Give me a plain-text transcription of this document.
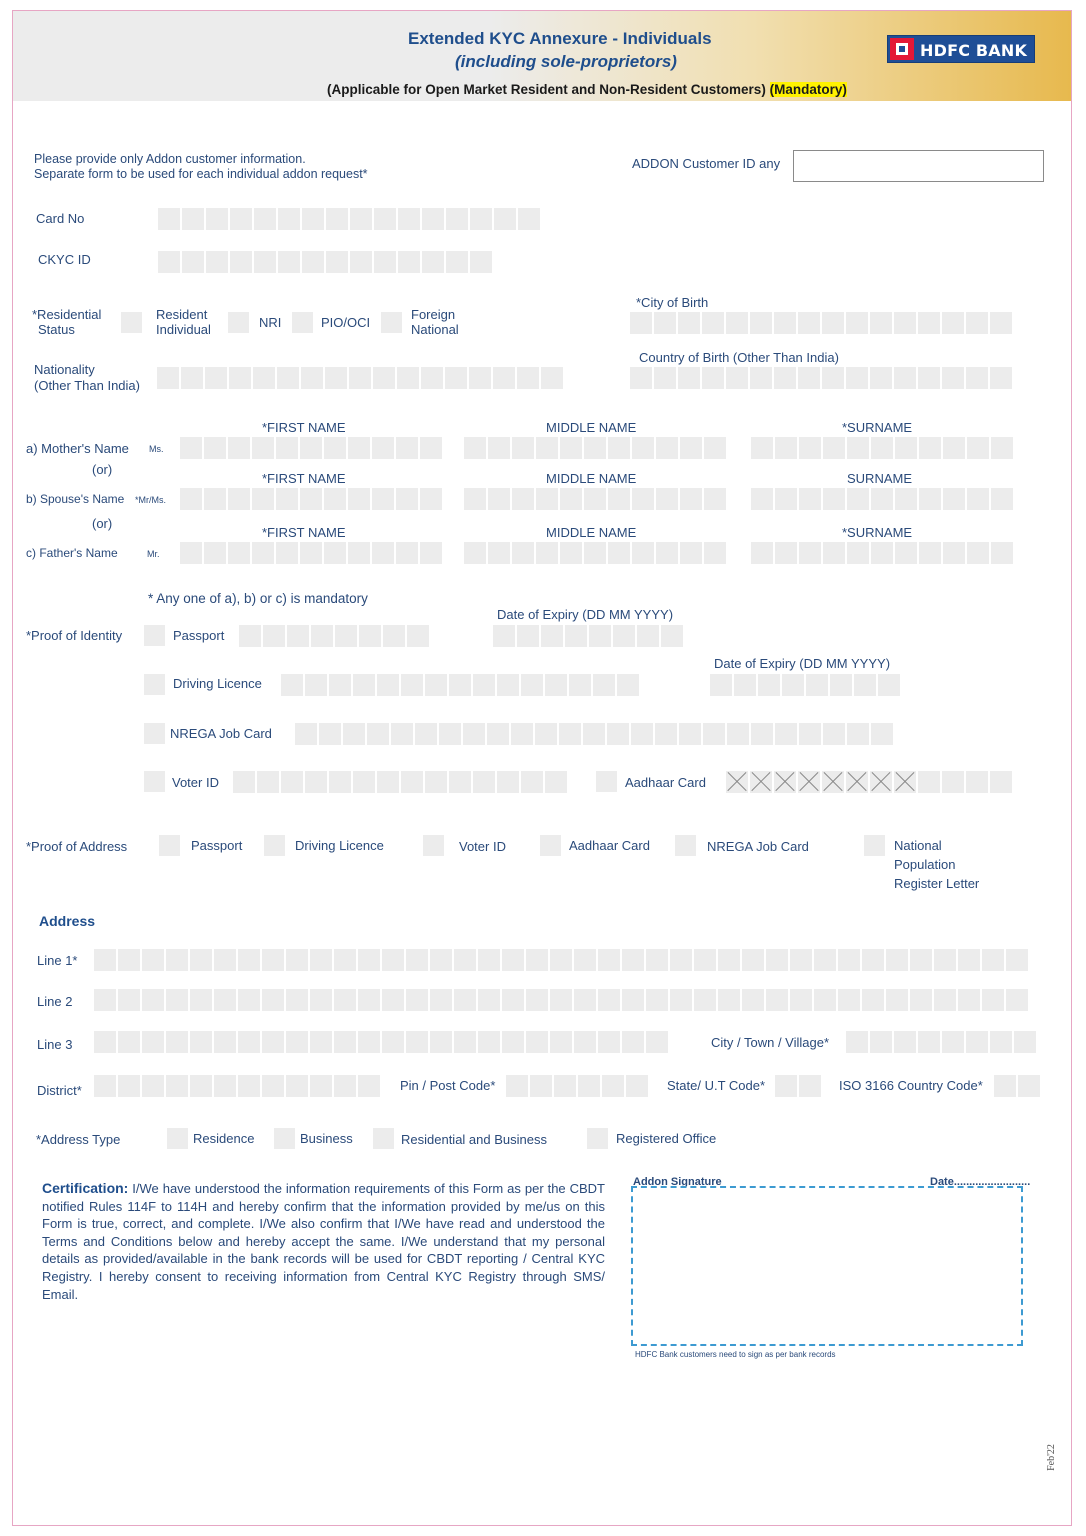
Extended KYC Annexure - Individuals
(including sole-proprietors)
(Applicable for Open Market Resident and Non-Resident Customers) (Mandatory)
HDFC BANK
Please provide only Addon customer information.
Separate form to be used for each individual addon request*
ADDON Customer ID any
Card No
CKYC ID
*Residential
Status
Resident
Individual	NRI	PIO/OCI
Foreign
National
*City of Birth
Nationality
(Other Than India)
Country of Birth (Other Than India)
*FIRST NAME	MIDDLE NAME	*SURNAME
a) Mother's Name Ms.
(or)
*FIRST NAME	MIDDLE NAME	SURNAME
b) Spouse's Name *Mr/Ms.
(or)
*FIRST NAME	MIDDLE NAME	*SURNAME
c) Father's Name	Mr.
* Any one of a), b) or c) is mandatory
Date of Expiry (DD MM YYYY)
*Proof of Identity	Passport
Date of Expiry (DD MM YYYY)
Driving Licence
NREGA Job Card
Voter ID	Aadhaar Card
*Proof of Address	Passport	Driving Licence	Voter ID	Aadhaar Card	NREGA Job Card	National
Population
Register Letter
Address
Line 1*
Line 2
Line 3	City / Town / Village*
District*	Pin / Post Code*	State/ U.T Code*	ISO 3166 Country Code*
*Address Type	Residence	Business	Residential and Business	Registered Office
Certification: I/We have understood the information requirements of this Form as per the CBDT notified Rules 114F to 114H and hereby confirm that the information provided by me/us on this Form is true, correct, and complete. I/We also confirm that I/We have read and understood the Terms and Conditions below and hereby accept the same. I/We understand that my personal details as provided/available in the bank records will be used for CBDT reporting / Central KYC Registry. I hereby consent to receiving information from Central KYC Registry through SMS/ Email.
Addon Signature	Date.........................
HDFC Bank customers need to sign as per bank records
Feb'22
